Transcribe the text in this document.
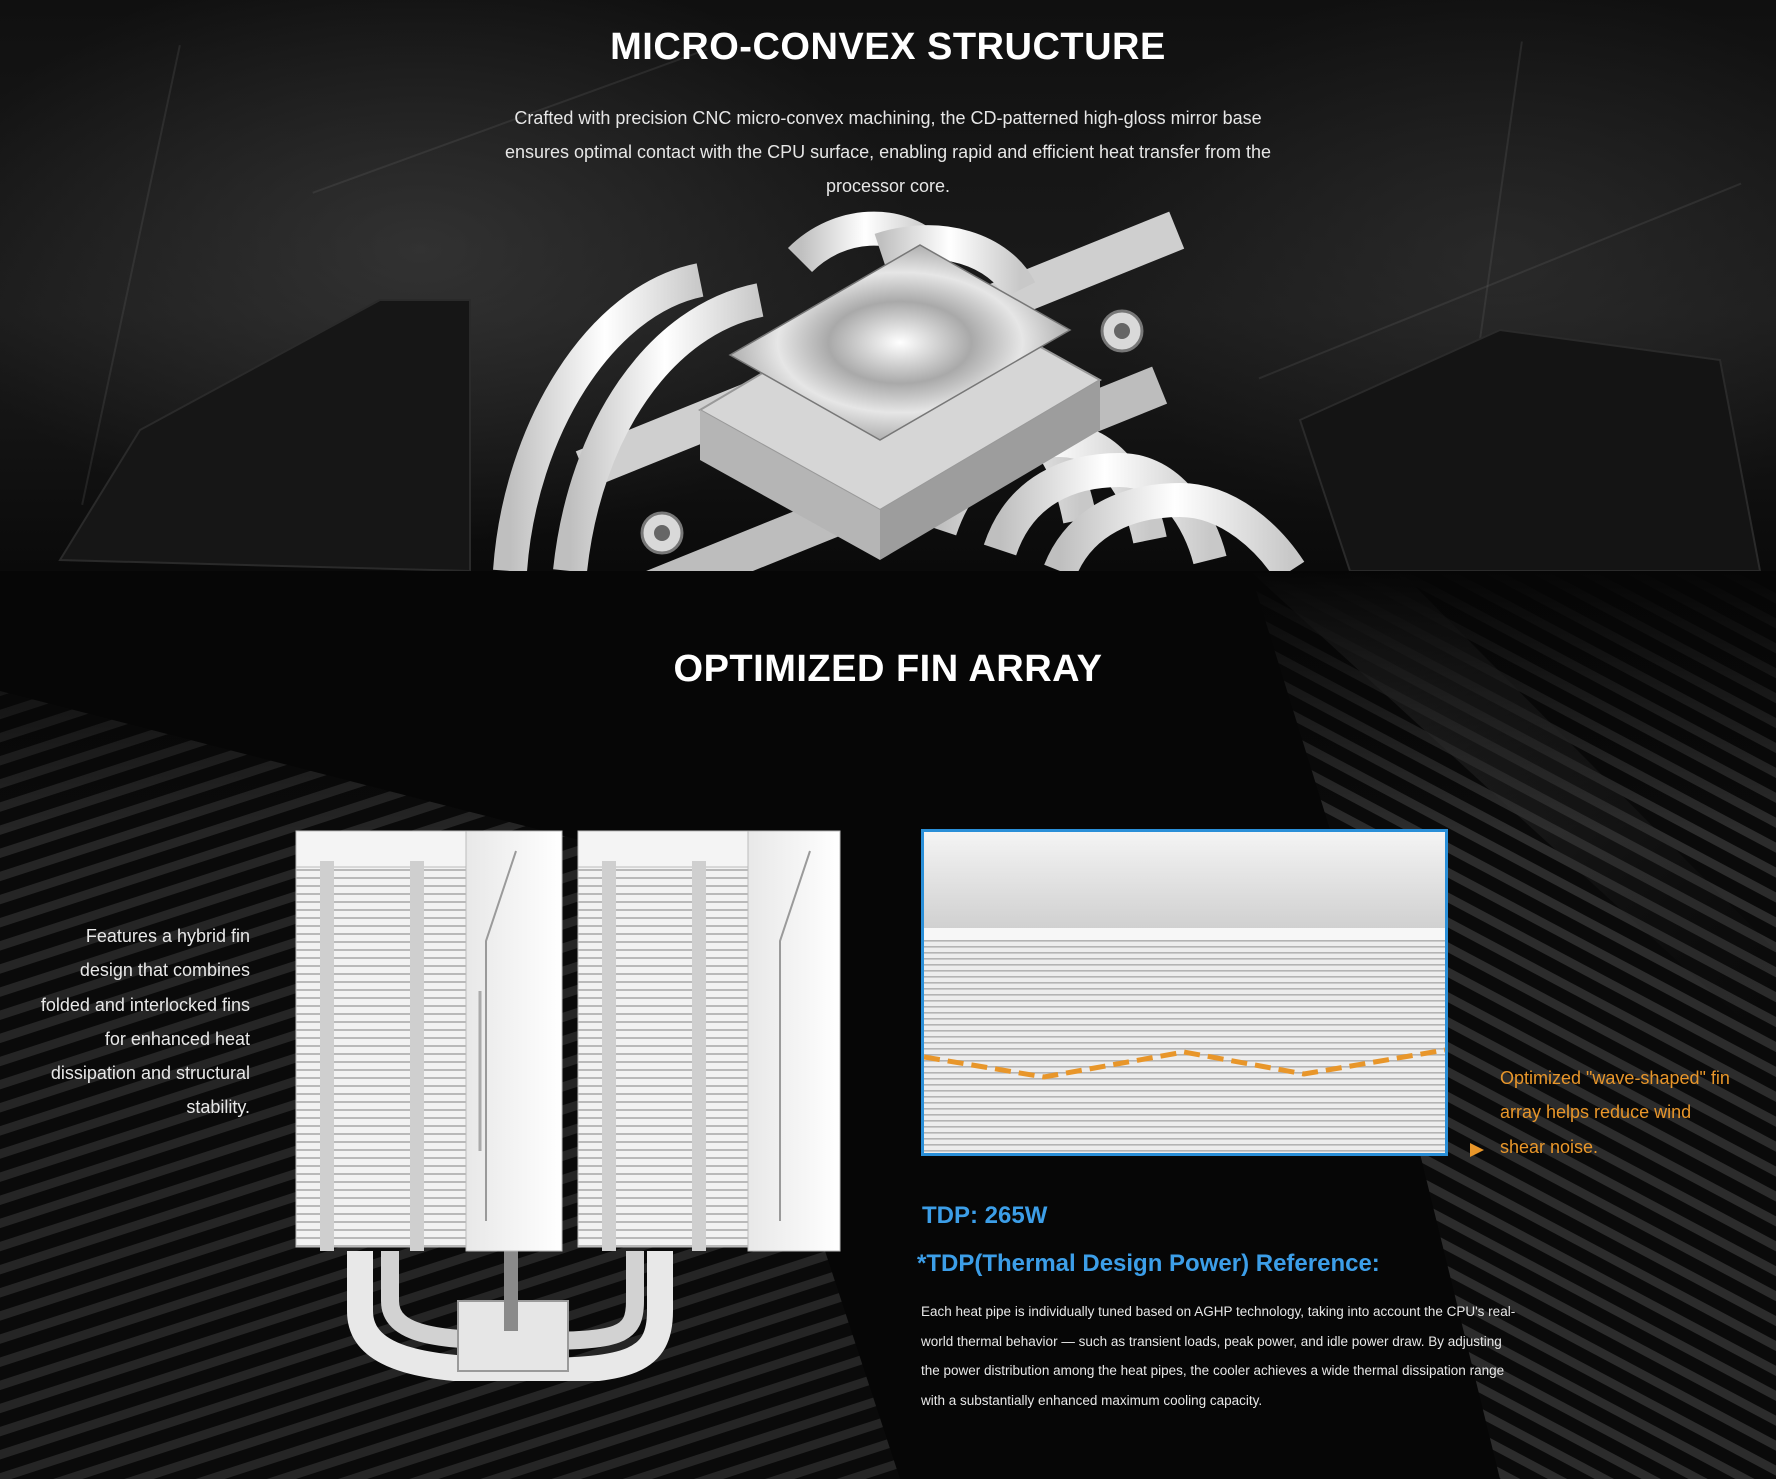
MICRO-CONVEX STRUCTURE
Crafted with precision CNC micro-convex machining, the CD-patterned high-gloss mirror base ensures optimal contact with the CPU surface, enabling rapid and efficient heat transfer from the processor core.
OPTIMIZED FIN ARRAY
Features a hybrid fin design that combines folded and interlocked fins for enhanced heat dissipation and structural stability.
Optimized "wave-shaped" fin array helps reduce wind shear noise.
TDP: 265W
*TDP(Thermal Design Power) Reference:
Each heat pipe is individually tuned based on AGHP technology, taking into account the CPU's real-world thermal behavior — such as transient loads, peak power, and idle power draw. By adjusting the power distribution among the heat pipes, the cooler achieves a wide thermal dissipation range with a substantially enhanced maximum cooling capacity.
